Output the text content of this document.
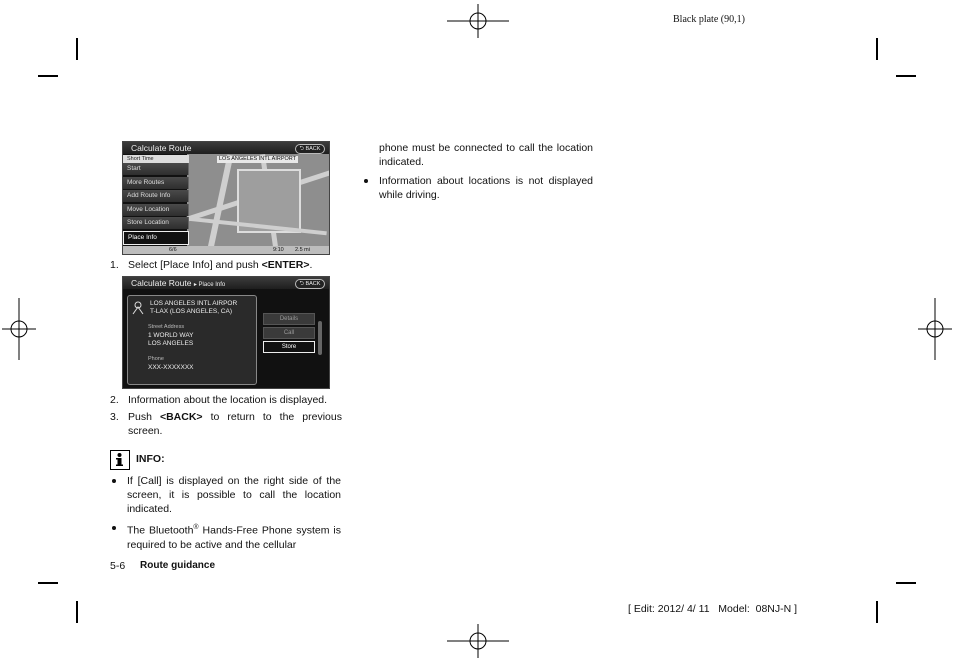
Black plate (90,1)
Calculate Route	⮌ BACK
LOS ANGELES INTL AIRPORT
Short Time
Start
More Routes
Add Route Info
Move Location
Store Location
Place Info
6/6	9:10 2.5 mi
1. Select [Place Info] and push <ENTER>.
Calculate Route ▸ Place Info	⮌ BACK
LOS ANGELES INTL AIRPOR
T-LAX (LOS ANGELES, CA)
Street Address
1 WORLD WAY
LOS ANGELES
Phone
XXX-XXXXXXX
Details
Call
Store
2. Information about the location is displayed.
3. Push <BACK> to return to the previous screen.
INFO:
If [Call] is displayed on the right side of the screen, it is possible to call the location indicated.
The Bluetooth® Hands-Free Phone system is required to be active and the cellular
phone must be connected to call the location indicated.
Information about locations is not displayed while driving.
5-6 Route guidance
[ Edit: 2012/ 4/ 11   Model:  08NJ-N ]
